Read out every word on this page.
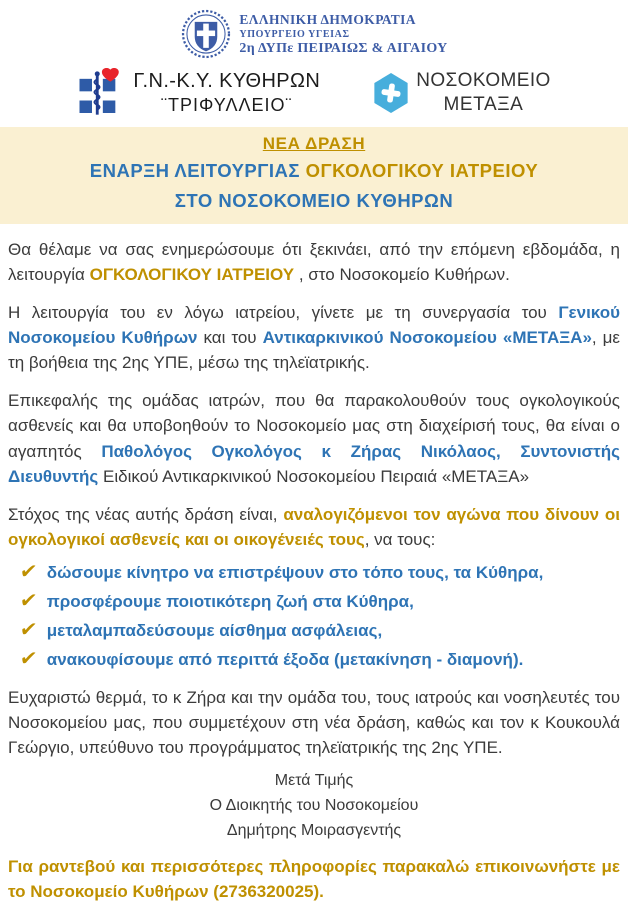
ΕΛΛΗΝΙΚΗ ΔΗΜΟΚΡΑΤΙΑ
ΥΠΟΥΡΓΕΙΟ ΥΓΕΙΑΣ
2η ΔΥΠε ΠΕΙΡΑΙΩΣ & ΑΙΓΑΙΟΥ
Γ.Ν.-Κ.Υ. ΚΥΘΗΡΩΝ
¨ΤΡΙΦΥΛΛΕΙΟ¨
ΝΟΣΟΚΟΜΕΙΟ
ΜΕΤΑΞΑ
ΝΕΑ ΔΡΑΣΗ
ΕΝΑΡΞΗ ΛΕΙΤΟΥΡΓΙΑΣ ΟΓΚΟΛΟΓΙΚΟΥ ΙΑΤΡΕΙΟΥ
ΣΤΟ ΝΟΣΟΚΟΜΕΙΟ ΚΥΘΗΡΩΝ

Θα θέλαμε να σας ενημερώσουμε ότι ξεκινάει, από την επόμενη εβδομάδα, η λειτουργία ΟΓΚΟΛΟΓΙΚΟΥ ΙΑΤΡΕΙΟΥ , στο Νοσοκομείο Κυθήρων.

Η λειτουργία του εν λόγω ιατρείου, γίνετε με τη συνεργασία του Γενικού Νοσοκομείου Κυθήρων και του Αντικαρκινικού Νοσοκομείου «ΜΕΤΑΞΑ», με τη βοήθεια της 2ης ΥΠΕ, μέσω της τηλεϊατρικής.

Επικεφαλής της ομάδας ιατρών, που θα παρακολουθούν τους ογκολογικούς ασθενείς και θα υποβοηθούν το Νοσοκομείο μας στη διαχείρισή τους, θα είναι ο αγαπητός Παθολόγος Ογκολόγος κ Ζήρας Νικόλαος, Συντονιστής Διευθυντής Ειδικού Αντικαρκινικού Νοσοκομείου Πειραιά «ΜΕΤΑΞΑ»

Στόχος της νέας αυτής δράση είναι, αναλογιζόμενοι τον αγώνα που δίνουν οι ογκολογικοί ασθενείς και οι οικογένειές τους, να τους:

✔ δώσουμε κίνητρο να επιστρέψουν στο τόπο τους, τα Κύθηρα,
✔ προσφέρουμε ποιοτικότερη ζωή στα Κύθηρα,
✔ μεταλαμπαδεύσουμε αίσθημα ασφάλειας,
✔ ανακουφίσουμε από περιττά έξοδα (μετακίνηση - διαμονή).

Ευχαριστώ θερμά, το κ Ζήρα και την ομάδα του, τους ιατρούς και νοσηλευτές του Νοσοκομείου μας, που συμμετέχουν στη νέα δράση, καθώς και τον κ Κουκουλά Γεώργιο, υπεύθυνο του προγράμματος τηλεϊατρικής της 2ης ΥΠΕ.

Μετά Τιμής
Ο Διοικητής του Νοσοκομείου
Δημήτρης Μοιρασγεντής

Για ραντεβού και περισσότερες πληροφορίες παρακαλώ επικοινωνήστε με το Νοσοκομείο Κυθήρων (2736320025).
